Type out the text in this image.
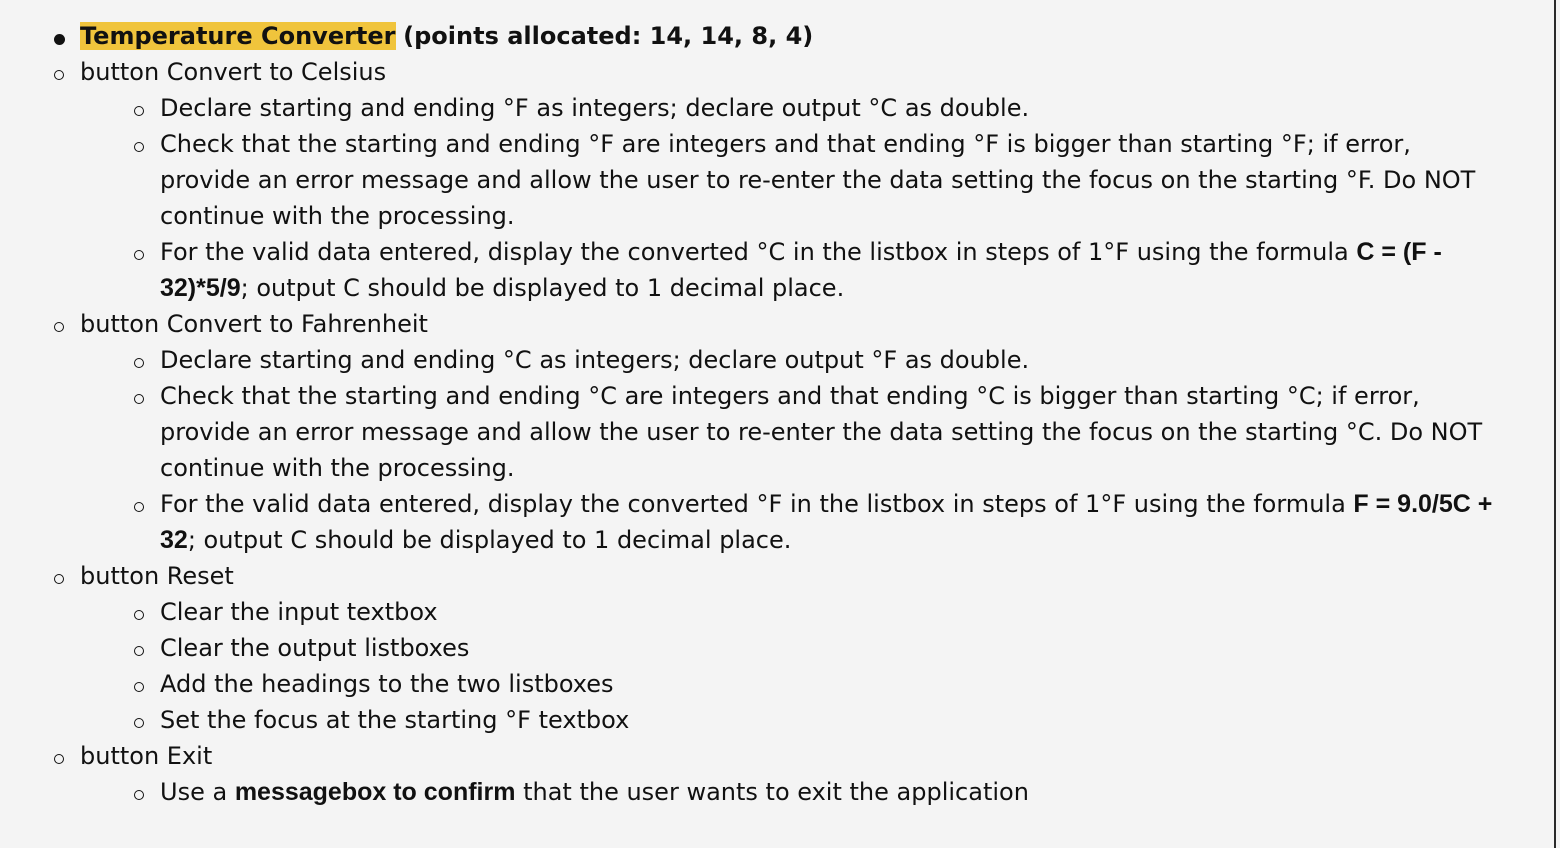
Temperature Converter (points allocated: 14, 14, 8, 4)
button Convert to Celsius
Declare starting and ending °F as integers; declare output °C as double.
Check that the starting and ending °F are integers and that ending °F is bigger than starting °F; if error,
provide an error message and allow the user to re-enter the data setting the focus on the starting °F. Do NOT
continue with the processing.
For the valid data entered, display the converted °C in the listbox in steps of 1°F using the formula C = (F -
32)*5/9; output C should be displayed to 1 decimal place.
button Convert to Fahrenheit
Declare starting and ending °C as integers; declare output °F as double.
Check that the starting and ending °C are integers and that ending °C is bigger than starting °C; if error,
provide an error message and allow the user to re-enter the data setting the focus on the starting °C. Do NOT
continue with the processing.
For the valid data entered, display the converted °F in the listbox in steps of 1°F using the formula F = 9.0/5C +
32; output C should be displayed to 1 decimal place.
button Reset
Clear the input textbox
Clear the output listboxes
Add the headings to the two listboxes
Set the focus at the starting °F textbox
button Exit
Use a messagebox to confirm that the user wants to exit the application
